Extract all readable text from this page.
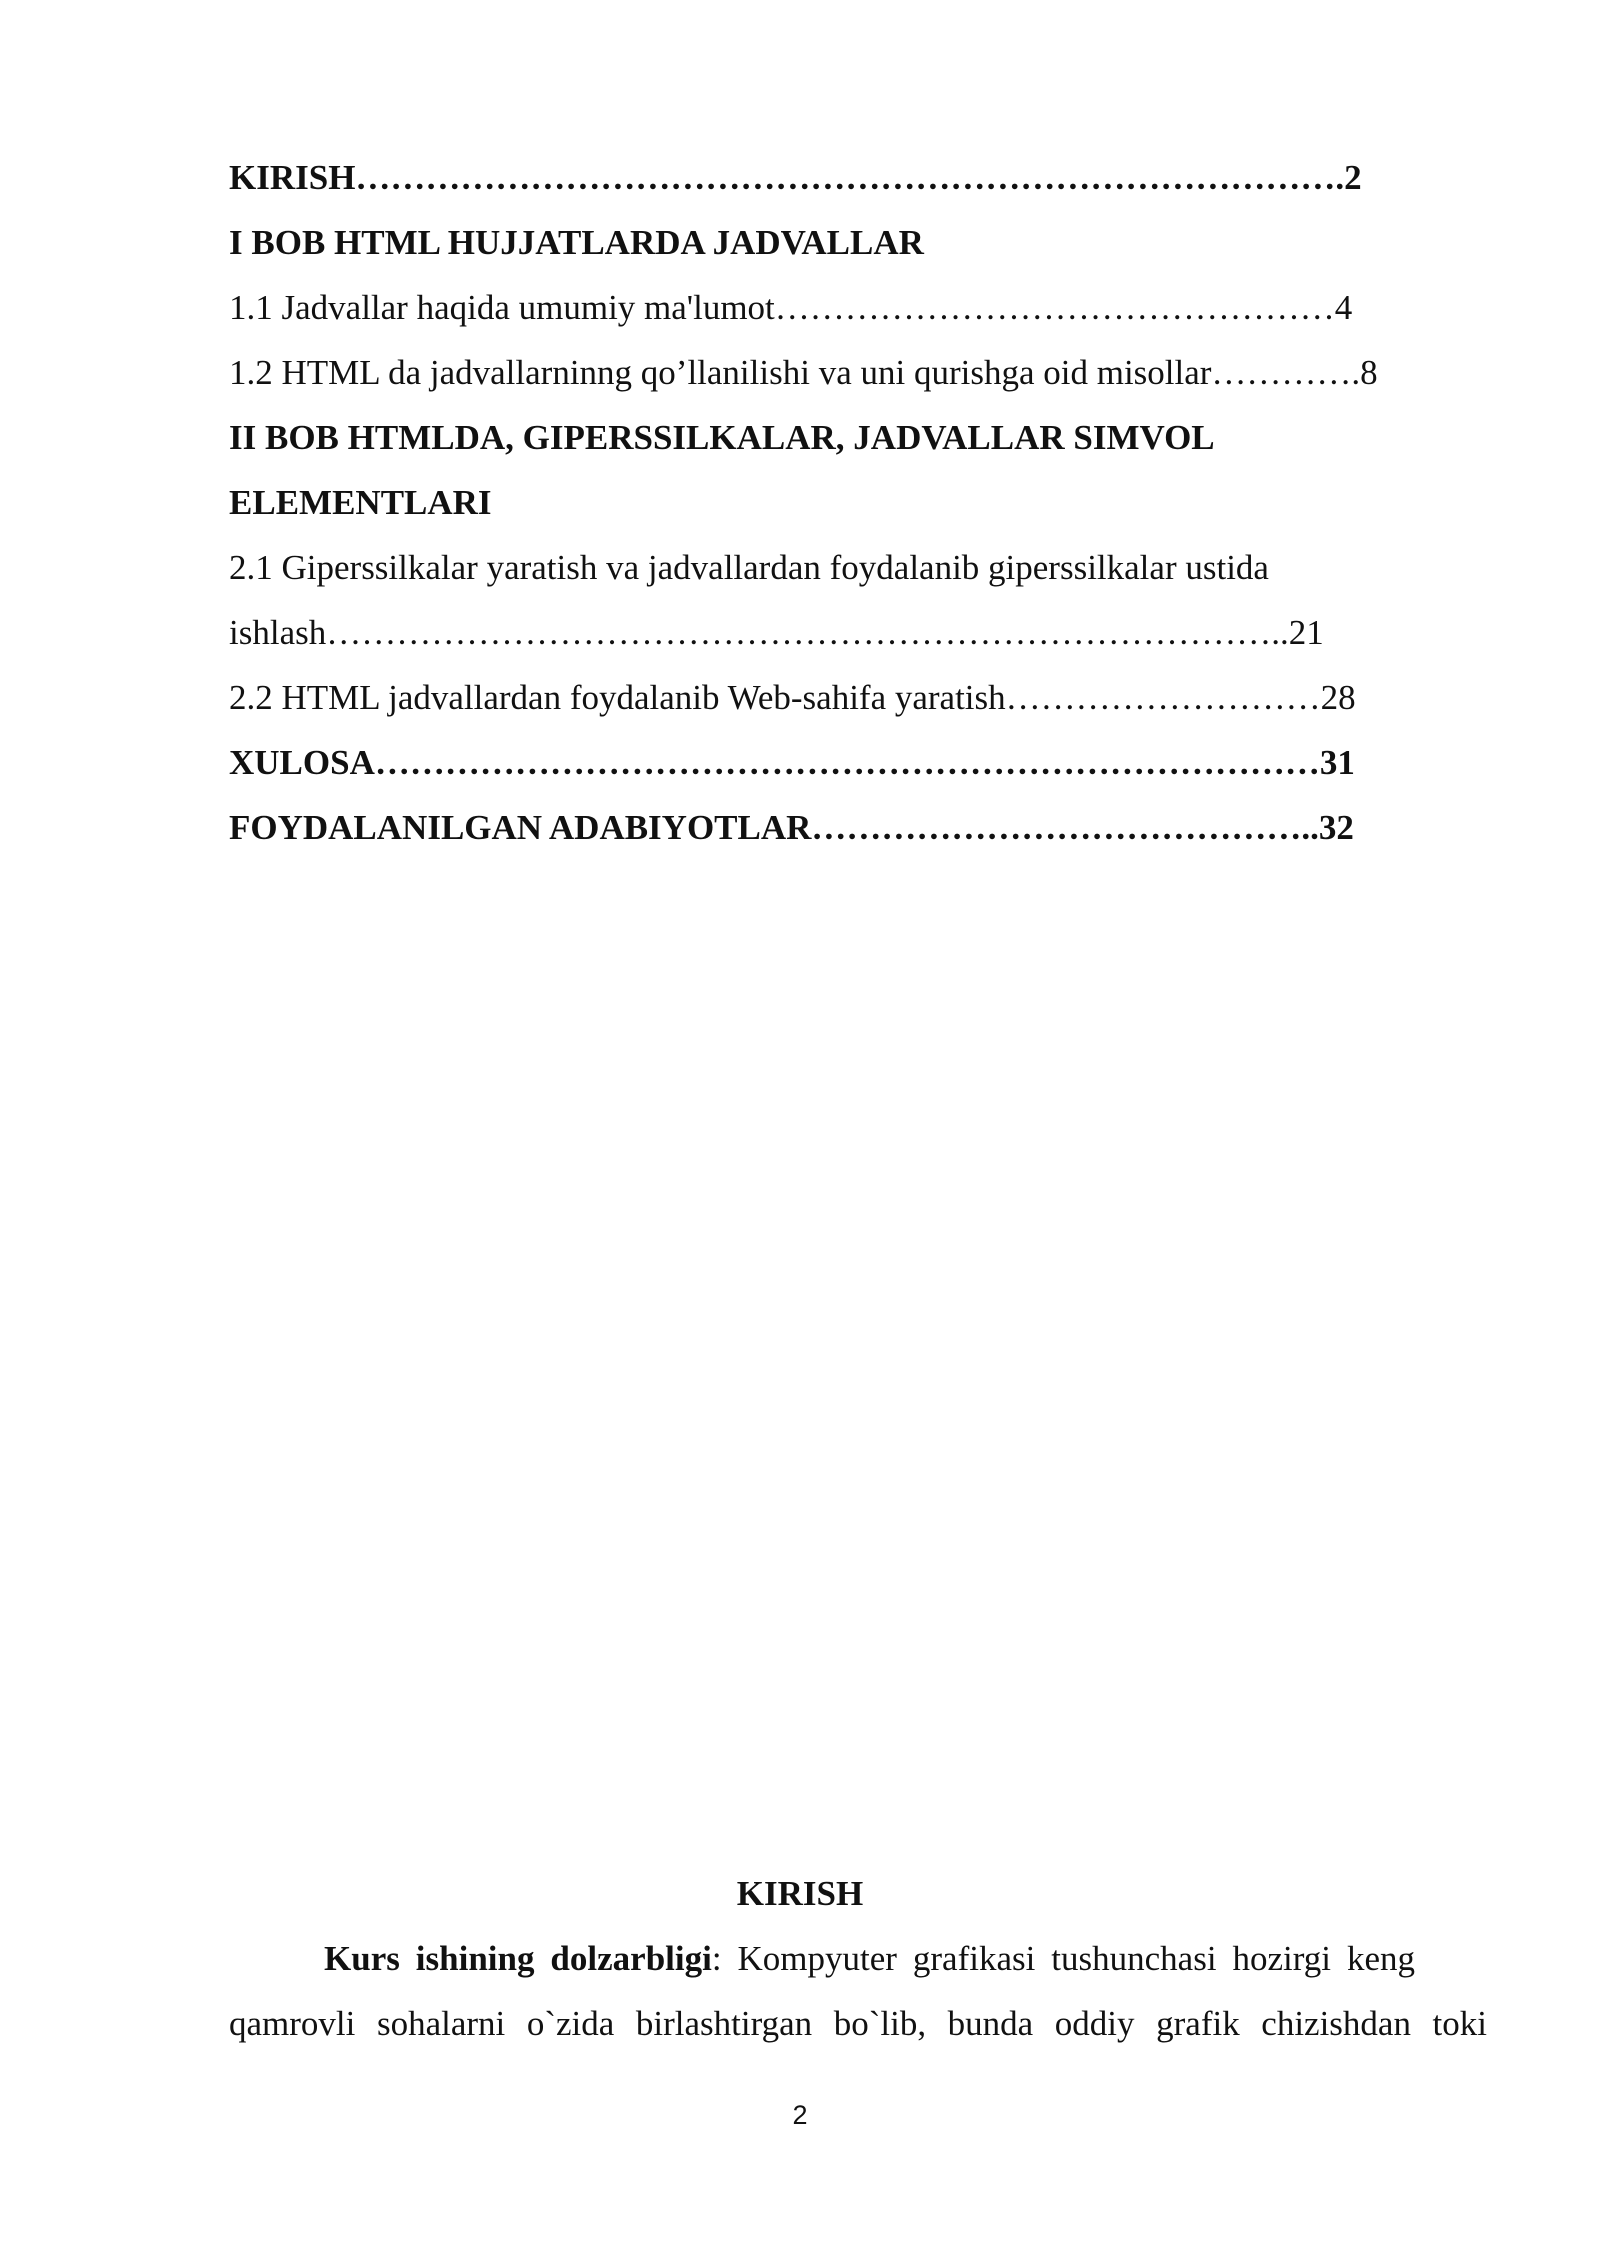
KIRISH………………………………………………………………………….2
I BOB HTML HUJJATLARDA JADVALLAR
1.1 Jadvallar haqida umumiy ma'lumot…………………………………………4
1.2 HTML da jadvallarninng qo’llanilishi va uni qurishga oid misollar………….8
II BOB HTMLDA, GIPERSSILKALAR, JADVALLAR SIMVOL
ELEMENTLARI
2.1 Giperssilkalar yaratish va jadvallardan foydalanib giperssilkalar ustida
ishlash………………………………………………………………………..21
2.2 HTML jadvallardan foydalanib Web-sahifa yaratish………………………28
XULOSA………………………………………………………………………31
FOYDALANILGAN ADABIYOTLAR……………………………………..32
KIRISH
Kurs ishining dolzarbligi: Kompyuter grafikasi tushunchasi hozirgi keng
qamrovli sohalarni o`zida birlashtirgan bo`lib, bunda oddiy grafik chizishdan toki
2
